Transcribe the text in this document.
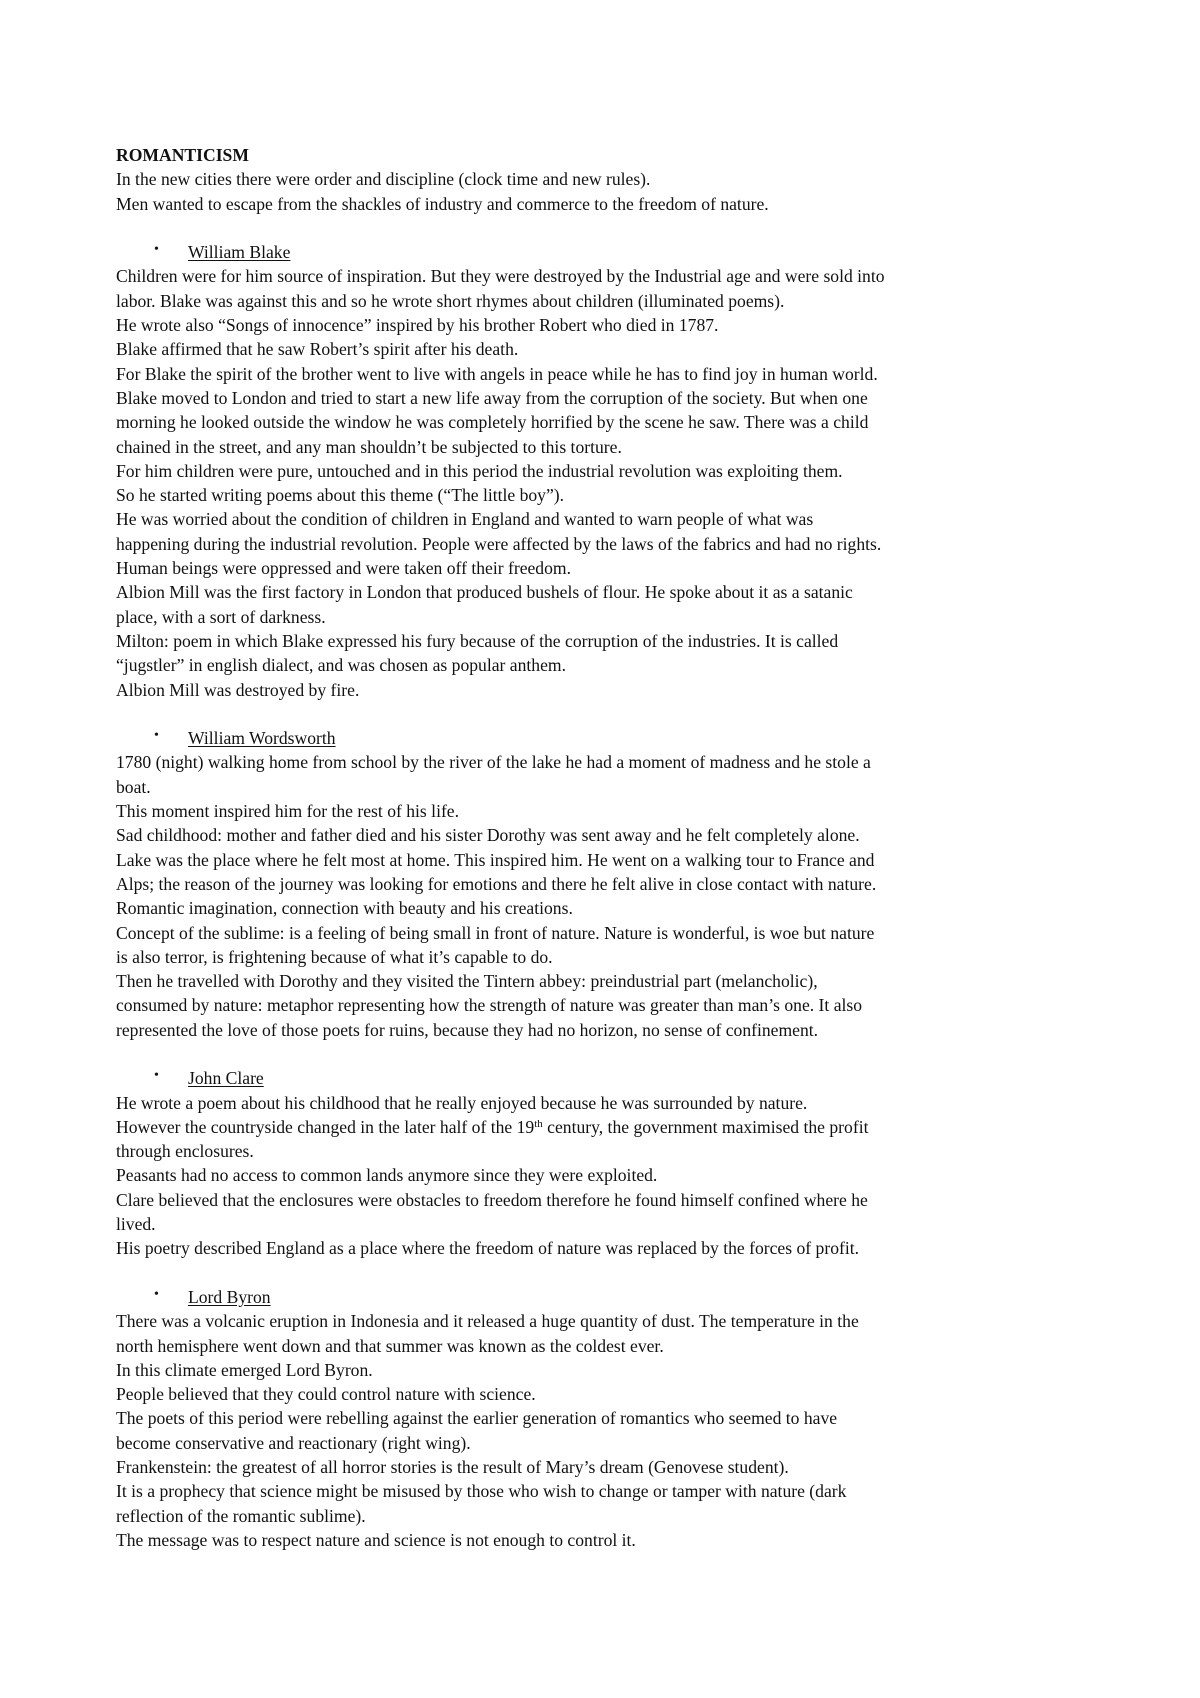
ROMANTICISM

In the new cities there were order and discipline (clock time and new rules).

Men wanted to escape from the shackles of industry and commerce to the freedom of nature.

• William Blake

Children were for him source of inspiration. But they were destroyed by the Industrial age and were sold into

labor. Blake was against this and so he wrote short rhymes about children (illuminated poems).

He wrote also “Songs of innocence” inspired by his brother Robert who died in 1787.

Blake affirmed that he saw Robert’s spirit after his death.

For Blake the spirit of the brother went to live with angels in peace while he has to find joy in human world.

Blake moved to London and tried to start a new life away from the corruption of the society. But when one

morning he looked outside the window he was completely horrified by the scene he saw. There was a child

chained in the street, and any man shouldn’t be subjected to this torture.

For him children were pure, untouched and in this period the industrial revolution was exploiting them.

So he started writing poems about this theme (“The little boy”).

He was worried about the condition of children in England and wanted to warn people of what was

happening during the industrial revolution. People were affected by the laws of the fabrics and had no rights.

Human beings were oppressed and were taken off their freedom.

Albion Mill was the first factory in London that produced bushels of flour. He spoke about it as a satanic

place, with a sort of darkness.

Milton: poem in which Blake expressed his fury because of the corruption of the industries. It is called

“jugstler” in english dialect, and was chosen as popular anthem.

Albion Mill was destroyed by fire.

• William Wordsworth

1780 (night) walking home from school by the river of the lake he had a moment of madness and he stole a

boat.

This moment inspired him for the rest of his life.

Sad childhood: mother and father died and his sister Dorothy was sent away and he felt completely alone.

Lake was the place where he felt most at home. This inspired him. He went on a walking tour to France and

Alps; the reason of the journey was looking for emotions and there he felt alive in close contact with nature.

Romantic imagination, connection with beauty and his creations.

Concept of the sublime: is a feeling of being small in front of nature. Nature is wonderful, is woe but nature

is also terror, is frightening because of what it’s capable to do.

Then he travelled with Dorothy and they visited the Tintern abbey: preindustrial part (melancholic),

consumed by nature: metaphor representing how the strength of nature was greater than man’s one. It also

represented the love of those poets for ruins, because they had no horizon, no sense of confinement.

• John Clare

He wrote a poem about his childhood that he really enjoyed because he was surrounded by nature.

However the countryside changed in the later half of the 19th century, the government maximised the profit

through enclosures.

Peasants had no access to common lands anymore since they were exploited.

Clare believed that the enclosures were obstacles to freedom therefore he found himself confined where he

lived.

His poetry described England as a place where the freedom of nature was replaced by the forces of profit.

• Lord Byron

There was a volcanic eruption in Indonesia and it released a huge quantity of dust. The temperature in the

north hemisphere went down and that summer was known as the coldest ever.

In this climate emerged Lord Byron.

People believed that they could control nature with science.

The poets of this period were rebelling against the earlier generation of romantics who seemed to have

become conservative and reactionary (right wing).

Frankenstein: the greatest of all horror stories is the result of Mary’s dream (Genovese student).

It is a prophecy that science might be misused by those who wish to change or tamper with nature (dark

reflection of the romantic sublime).

The message was to respect nature and science is not enough to control it.
